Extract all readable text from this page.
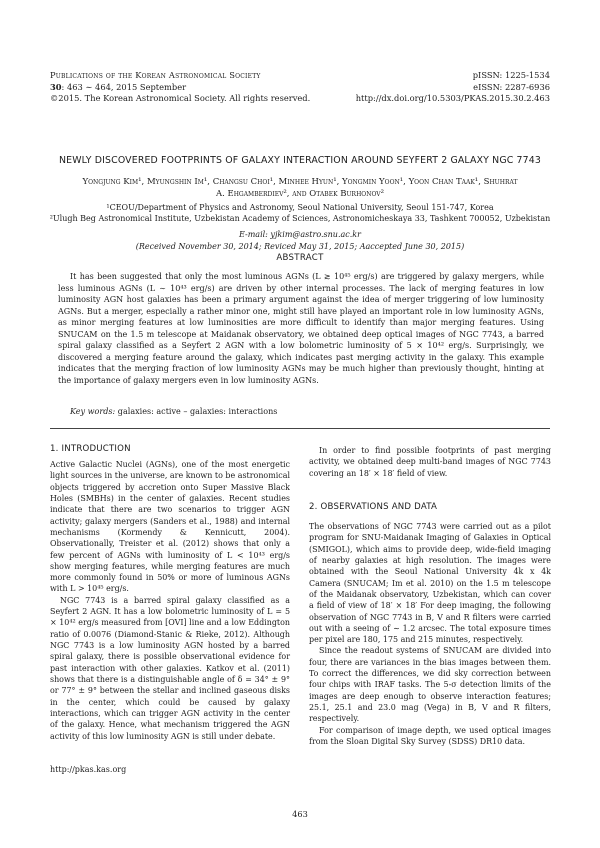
Publications of the Korean Astronomical Society
30: 463 ∼ 464, 2015 September
©2015. The Korean Astronomical Society. All rights reserved.
pISSN: 1225-1534
eISSN: 2287-6936
http://dx.doi.org/10.5303/PKAS.2015.30.2.463
NEWLY DISCOVERED FOOTPRINTS OF GALAXY INTERACTION AROUND SEYFERT 2 GALAXY NGC 7743
Yongjung Kim¹, Myungshin Im¹, Changsu Choi¹, Minhee Hyun¹, Yongmin Yoon¹, Yoon Chan Taak¹, Shuhrat
A. Ehgamberdiev², and Otabek Burhonov²
¹CEOU/Department of Physics and Astronomy, Seoul National University, Seoul 151-747, Korea
²Ulugh Beg Astronomical Institute, Uzbekistan Academy of Sciences, Astronomicheskaya 33, Tashkent 700052, Uzbekistan
E-mail: yjkim@astro.snu.ac.kr
(Received November 30, 2014; Reviced May 31, 2015; Aaccepted June 30, 2015)
ABSTRACT

It has been suggested that only the most luminous AGNs (L ≳ 10⁴⁵ erg/s) are triggered by galaxy mergers, while less luminous AGNs (L ∼ 10⁴³ erg/s) are driven by other internal processes. The lack of merging features in low luminosity AGN host galaxies has been a primary argument against the idea of merger triggering of low luminosity AGNs. But a merger, especially a rather minor one, might still have played an important role in low luminosity AGNs, as minor merging features at low luminosities are more difficult to identify than major merging features. Using SNUCAM on the 1.5 m telescope at Maidanak observatory, we obtained deep optical images of NGC 7743, a barred spiral galaxy classified as a Seyfert 2 AGN with a low bolometric luminosity of 5 × 10⁴² erg/s. Surprisingly, we discovered a merging feature around the galaxy, which indicates past merging activity in the galaxy. This example indicates that the merging fraction of low luminosity AGNs may be much higher than previously thought, hinting at the importance of galaxy mergers even in low luminosity AGNs.

Key words: galaxies: active – galaxies: interactions
1. INTRODUCTION

Active Galactic Nuclei (AGNs), one of the most energetic light sources in the universe, are known to be astronomical objects triggered by accretion onto Super Massive Black Holes (SMBHs) in the center of galaxies. Recent studies indicate that there are two scenarios to trigger AGN activity; galaxy mergers (Sanders et al., 1988) and internal mechanisms (Kormendy & Kennicutt, 2004). Observationally, Treister et al. (2012) shows that only a few percent of AGNs with luminosity of L < 10⁴³ erg/s show merging features, while merging features are much more commonly found in 50% or more of luminous AGNs with L > 10⁴⁵ erg/s.

NGC 7743 is a barred spiral galaxy classified as a Seyfert 2 AGN. It has a low bolometric luminosity of L = 5 × 10⁴² erg/s measured from [OVI] line and a low Eddington ratio of 0.0076 (Diamond-Stanic & Rieke, 2012). Although NGC 7743 is a low luminosity AGN hosted by a barred spiral galaxy, there is possible observational evidence for past interaction with other galaxies. Katkov et al. (2011) shows that there is a distinguishable angle of δ = 34° ± 9° or 77° ± 9° between the stellar and inclined gaseous disks in the center, which could be caused by galaxy interactions, which can trigger AGN activity in the center of the galaxy. Hence, what mechanism triggered the AGN activity of this low luminosity AGN is still under debate.

In order to find possible footprints of past merging activity, we obtained deep multi-band images of NGC 7743 covering an 18′ × 18′ field of view.

2. OBSERVATIONS AND DATA

The observations of NGC 7743 were carried out as a pilot program for SNU-Maidanak Imaging of Galaxies in Optical (SMIGOL), which aims to provide deep, wide-field imaging of nearby galaxies at high resolution. The images were obtained with the Seoul National University 4k x 4k Camera (SNUCAM; Im et al. 2010) on the 1.5 m telescope of the Maidanak observatory, Uzbekistan, which can cover a field of view of 18′ × 18′ For deep imaging, the following observation of NGC 7743 in B, V and R filters were carried out with a seeing of ∼ 1.2 arcsec. The total exposure times per pixel are 180, 175 and 215 minutes, respectively.

Since the readout systems of SNUCAM are divided into four, there are variances in the bias images between them. To correct the differences, we did sky correction between four chips with IRAF tasks. The 5-σ detection limits of the images are deep enough to observe interaction features; 25.1, 25.1 and 23.0 mag (Vega) in B, V and R filters, respectively.

For comparison of image depth, we used optical images from the Sloan Digital Sky Survey (SDSS) DR10 data.

http://pkas.kas.org
463
